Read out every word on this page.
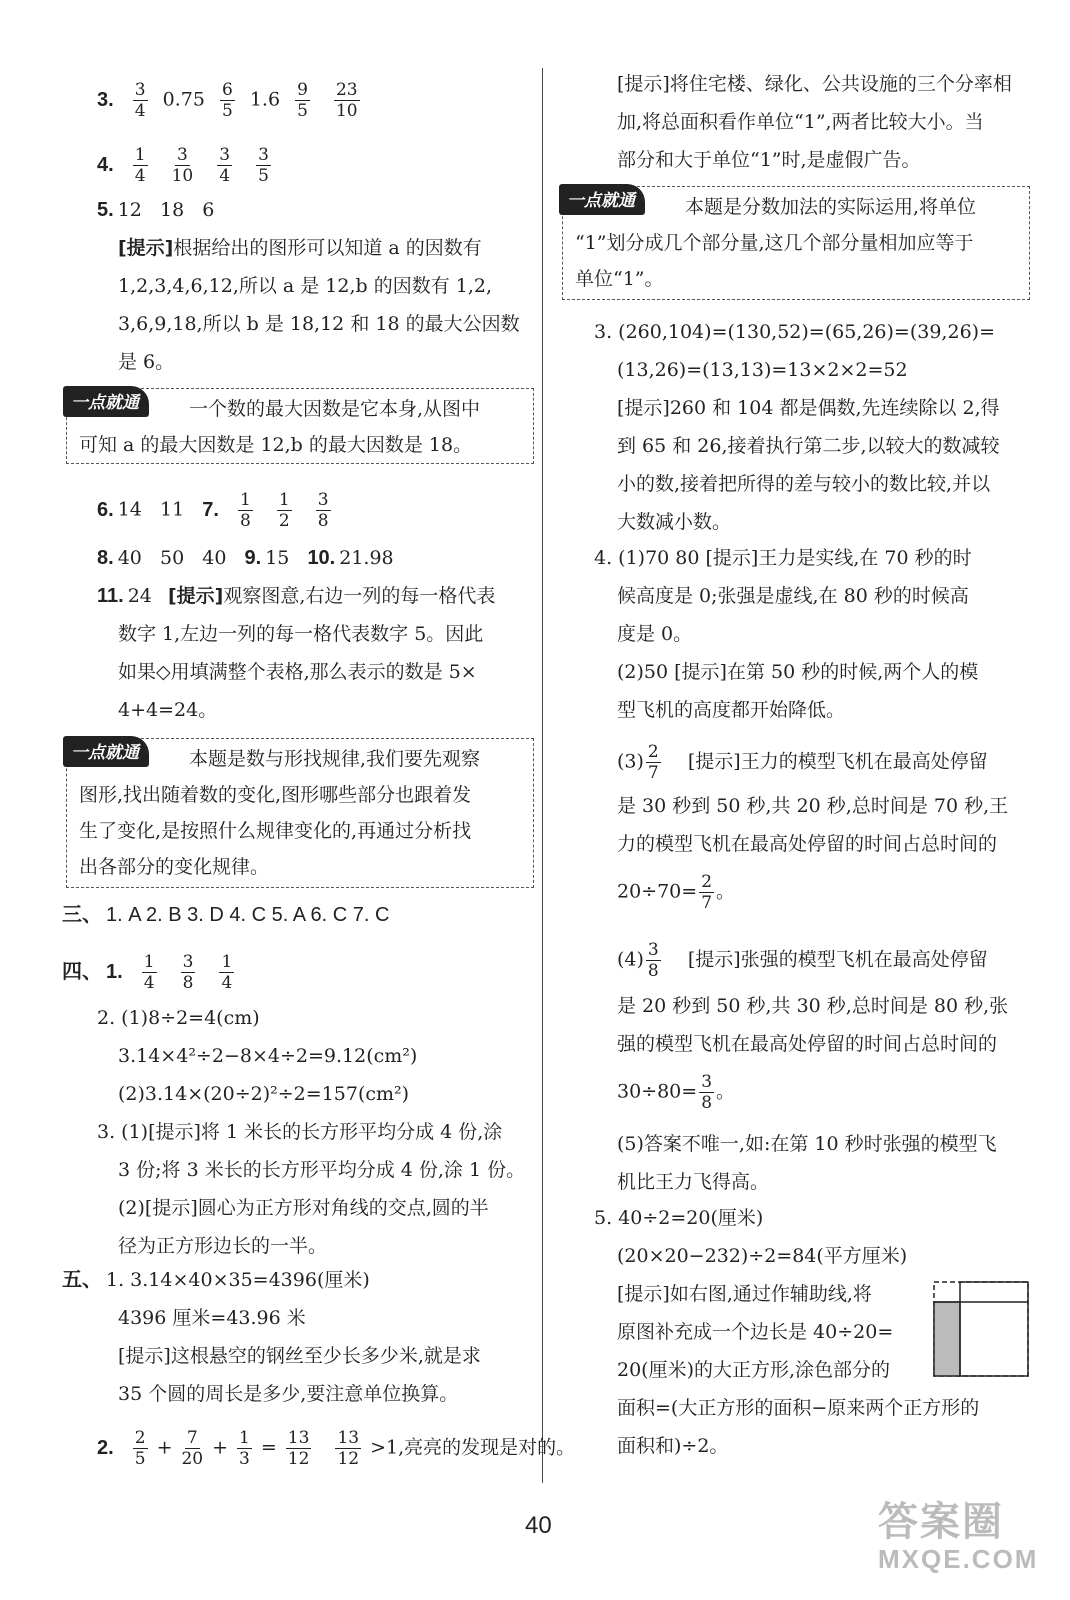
3. $\frac{3}{4} 0.75 \frac{6}{5} 1.6 \frac{9}{5}$
$\frac{23}{10}$
4. $\frac{1}{4}$
$\frac{3}{10}$
$\frac{3}{4}$
$\frac{3}{5}$
5. 12   18   6
[提示]根据给出的图形可以知道 a 的因数有
1,2,3,4,6,12,所以 a 是 12,b 的因数有 1,2,
3,6,9,18,所以 b 是 18,12 和 18 的最大公因数
是 6。
一点就通	一个数的最大因数是它本身,从图中
可知 a 的最大因数是 12,b 的最大因数是 18。
6. 14   11 7. $\frac{1}{8}$
$\frac{1}{2}$
$\frac{3}{8}$
8. 40   50   40 9. 15 10. 21.98
11. 24 [提示]观察图意,右边一列的每一格代表
数字 1,左边一列的每一格代表数字 5。因此
如果◇用填满整个表格,那么表示的数是 5×
4+4=24。
一点就通	本题是数与形找规律,我们要先观察
图形,找出随着数的变化,图形哪些部分也跟着发
生了变化,是按照什么规律变化的,再通过分析找
出各部分的变化规律。
三、 1. A 2. B 3. D 4. C 5. A 6. C 7. C
四、 1. $\frac{1}{4}$
$\frac{3}{8}$
$\frac{1}{4}$
2. (1)8÷2=4(cm)
3.14×4²÷2−8×4÷2=9.12(cm²)
(2)3.14×(20÷2)²÷2=157(cm²)
3. (1)[提示]将 1 米长的长方形平均分成 4 份,涂
3 份;将 3 米长的长方形平均分成 4 份,涂 1 份。
(2)[提示]圆心为正方形对角线的交点,圆的半
径为正方形边长的一半。
五、 1. 3.14×40×35=4396(厘米)
4396 厘米=43.96 米
[提示]这根悬空的钢丝至少长多少米,就是求
35 个圆的周长是多少,要注意单位换算。
2. $\frac{2}{5} + \frac{7}{20} + \frac{1}{3} = \frac{13}{12}$
$\frac{13}{12} >1$,亮亮的发现是对的。
[提示]将住宅楼、绿化、公共设施的三个分率相
加,将总面积看作单位“1”,两者比较大小。当
部分和大于单位“1”时,是虚假广告。
一点就通	本题是分数加法的实际运用,将单位
“1”划分成几个部分量,这几个部分量相加应等于
单位“1”。
3. (260,104)=(130,52)=(65,26)=(39,26)=
(13,26)=(13,13)=13×2×2=52
[提示]260 和 104 都是偶数,先连续除以 2,得
到 65 和 26,接着执行第二步,以较大的数减较
小的数,接着把所得的差与较小的数比较,并以
大数减小数。
4. (1)70 80 [提示]王力是实线,在 70 秒的时
候高度是 0;张强是虚线,在 80 秒的时候高
度是 0。
(2)50 [提示]在第 50 秒的时候,两个人的模
型飞机的高度都开始降低。
$(3) \frac{2}{7}$ [提示]王力的模型飞机在最高处停留
是 30 秒到 50 秒,共 20 秒,总时间是 70 秒,王
力的模型飞机在最高处停留的时间占总时间的
$20\div 70= \frac{2}{7}$ 。
$(4) \frac{3}{8}$ [提示]张强的模型飞机在最高处停留
是 20 秒到 50 秒,共 30 秒,总时间是 80 秒,张
强的模型飞机在最高处停留的时间占总时间的
$30\div 80= \frac{3}{8}$ 。
(5)答案不唯一,如:在第 10 秒时张强的模型飞
机比王力飞得高。
5. 40÷2=20(厘米)
(20×20−232)÷2=84(平方厘米)
[提示]如右图,通过作辅助线,将
原图补充成一个边长是 40÷20=
20(厘米)的大正方形,涂色部分的
面积=(大正方形的面积−原来两个正方形的
面积和)÷2。
40	答案圈
MXQE.COM
